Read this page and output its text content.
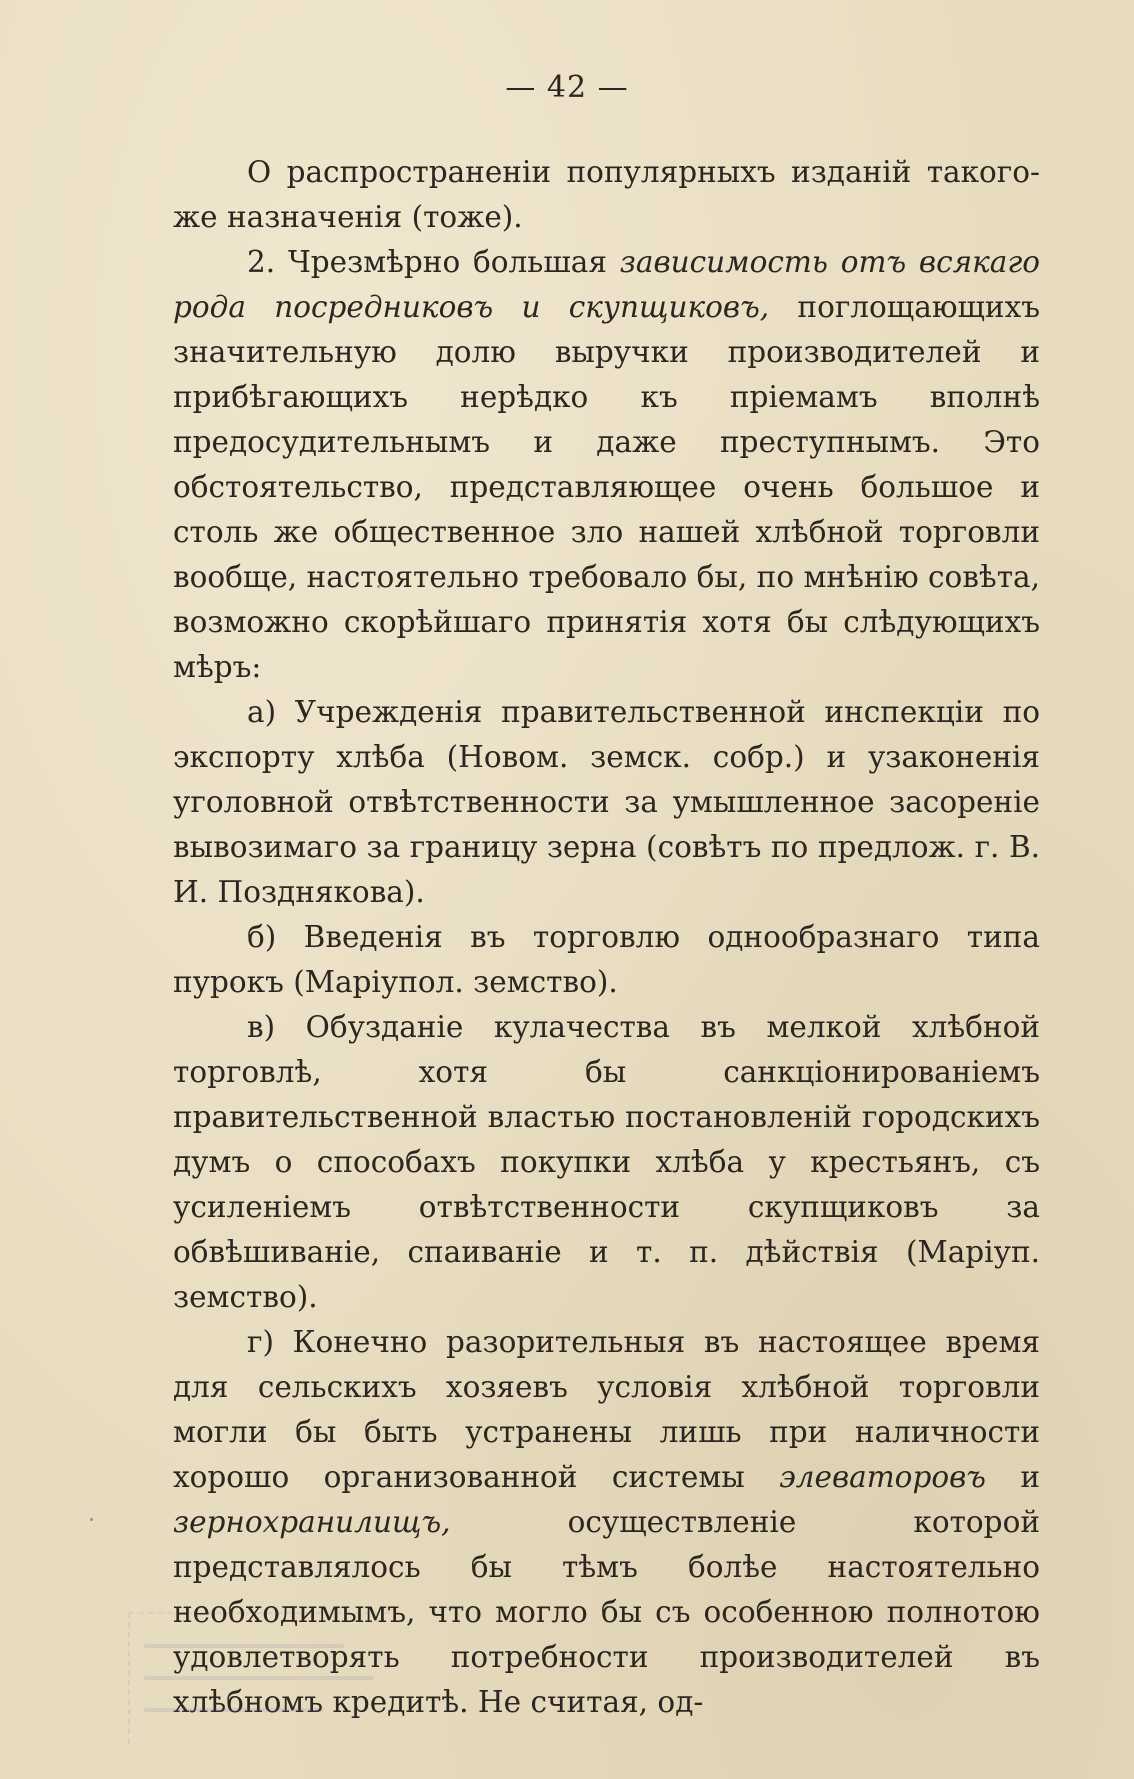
— 42 —

О распространеніи популярныхъ изданій такого-же назначенія (тоже).

2. Чрезмѣрно большая зависимость отъ всякаго рода посредниковъ и скупщиковъ, поглощающихъ значительную долю выручки производителей и прибѣгающихъ нерѣдко къ пріемамъ вполнѣ предосудительнымъ и даже преступнымъ. Это обстоятельство, представляющее очень большое и столь же общественное зло нашей хлѣбной торговли вообще, настоятельно требовало бы, по мнѣнію совѣта, возможно скорѣйшаго принятія хотя бы слѣдующихъ мѣръ:

а) Учрежденія правительственной инспекціи по экспорту хлѣба (Новом. земск. собр.) и узаконенія уголовной отвѣтственности за умышленное засореніе вывозимаго за границу зерна (совѣтъ по предлож. г. В. И. Позднякова).

б) Введенія въ торговлю однообразнаго типа пурокъ (Маріупол. земство).

в) Обузданіе кулачества въ мелкой хлѣбной торговлѣ, хотя бы санкціонированіемъ правительственной властью постановленій городскихъ думъ о способахъ покупки хлѣба у крестьянъ, съ усиленіемъ отвѣтственности скупщиковъ за обвѣшиваніе, спаиваніе и т. п. дѣйствія (Маріуп. земство).

г) Конечно разорительныя въ настоящее время для сельскихъ хозяевъ условія хлѣбной торговли могли бы быть устранены лишь при наличности хорошо организованной системы элеваторовъ и зернохранилищъ, осуществленіе которой представлялось бы тѣмъ болѣе настоятельно необходимымъ, что могло бы съ особенною полнотою удовлетворять потребности производителей въ хлѣбномъ кредитѣ. Не считая, од-
